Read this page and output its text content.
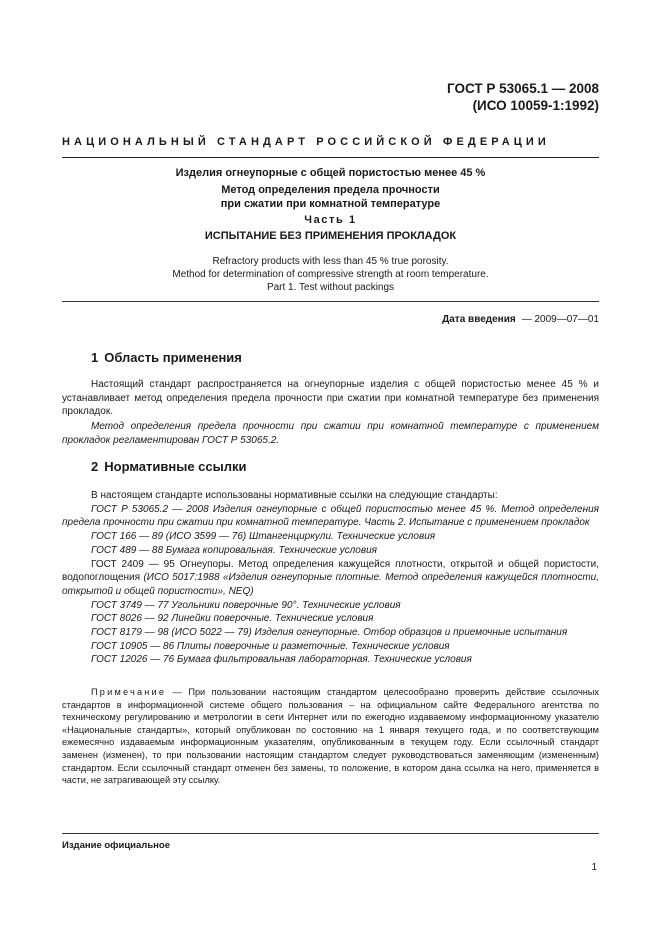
ГОСТ Р 53065.1 — 2008
(ИСО 10059-1:1992)
НАЦИОНАЛЬНЫЙ СТАНДАРТ РОССИЙСКОЙ ФЕДЕРАЦИИ
Изделия огнеупорные с общей пористостью менее 45 %
Метод определения предела прочности
при сжатии при комнатной температуре
Часть 1
ИСПЫТАНИЕ БЕЗ ПРИМЕНЕНИЯ ПРОКЛАДОК
Refractory products with less than 45 % true porosity.
Method for determination of compressive strength at room temperature.
Part 1. Test without packings
Дата введения — 2009—07—01
1 Область применения

Настоящий стандарт распространяется на огнеупорные изделия с общей пористостью менее 45 % и устанавливает метод определения предела прочности при сжатии при комнатной температуре без применения прокладок.

Метод определения предела прочности при сжатии при комнатной температуре с применением прокладок регламентирован ГОСТ Р 53065.2.

2 Нормативные ссылки

В настоящем стандарте использованы нормативные ссылки на следующие стандарты:

ГОСТ Р 53065.2 — 2008 Изделия огнеупорные с общей пористостью менее 45 %. Метод определения предела прочности при сжатии при комнатной температуре. Часть 2. Испытание с применением прокладок

ГОСТ 166 — 89 (ИСО 3599 — 76) Штангенциркули. Технические условия

ГОСТ 489 — 88 Бумага копировальная. Технические условия

ГОСТ 2409 — 95 Огнеупоры. Метод определения кажущейся плотности, открытой и общей пористости, водопоглощения (ИСО 5017:1988 «Изделия огнеупорные плотные. Метод определения кажущейся плотности, открытой и общей пористости», NEQ)

ГОСТ 3749 — 77 Угольники поверочные 90°. Технические условия

ГОСТ 8026 — 92 Линейки поверочные. Технические условия

ГОСТ 8179 — 98 (ИСО 5022 — 79) Изделия огнеупорные. Отбор образцов и приемочные испытания

ГОСТ 10905 — 86 Плиты поверочные и разметочные. Технические условия

ГОСТ 12026 — 76 Бумага фильтровальная лабораторная. Технические условия

Примечание — При пользовании настоящим стандартом целесообразно проверить действие ссылочных стандартов в информационной системе общего пользования – на официальном сайте Федерального агентства по техническому регулированию и метрологии в сети Интернет или по ежегодно издаваемому информационному указателю «Национальные стандарты», который опубликован по состоянию на 1 января текущего года, и по соответствующим ежемесячно издаваемым информационным указателям, опубликованным в текущем году. Если ссылочный стандарт заменен (изменен), то при пользовании настоящим стандартом следует руководствоваться заменяющим (измененным) стандартом. Если ссылочный стандарт отменен без замены, то положение, в котором дана ссылка на него, применяется в части, не затрагивающей эту ссылку.

Издание официальное
1
